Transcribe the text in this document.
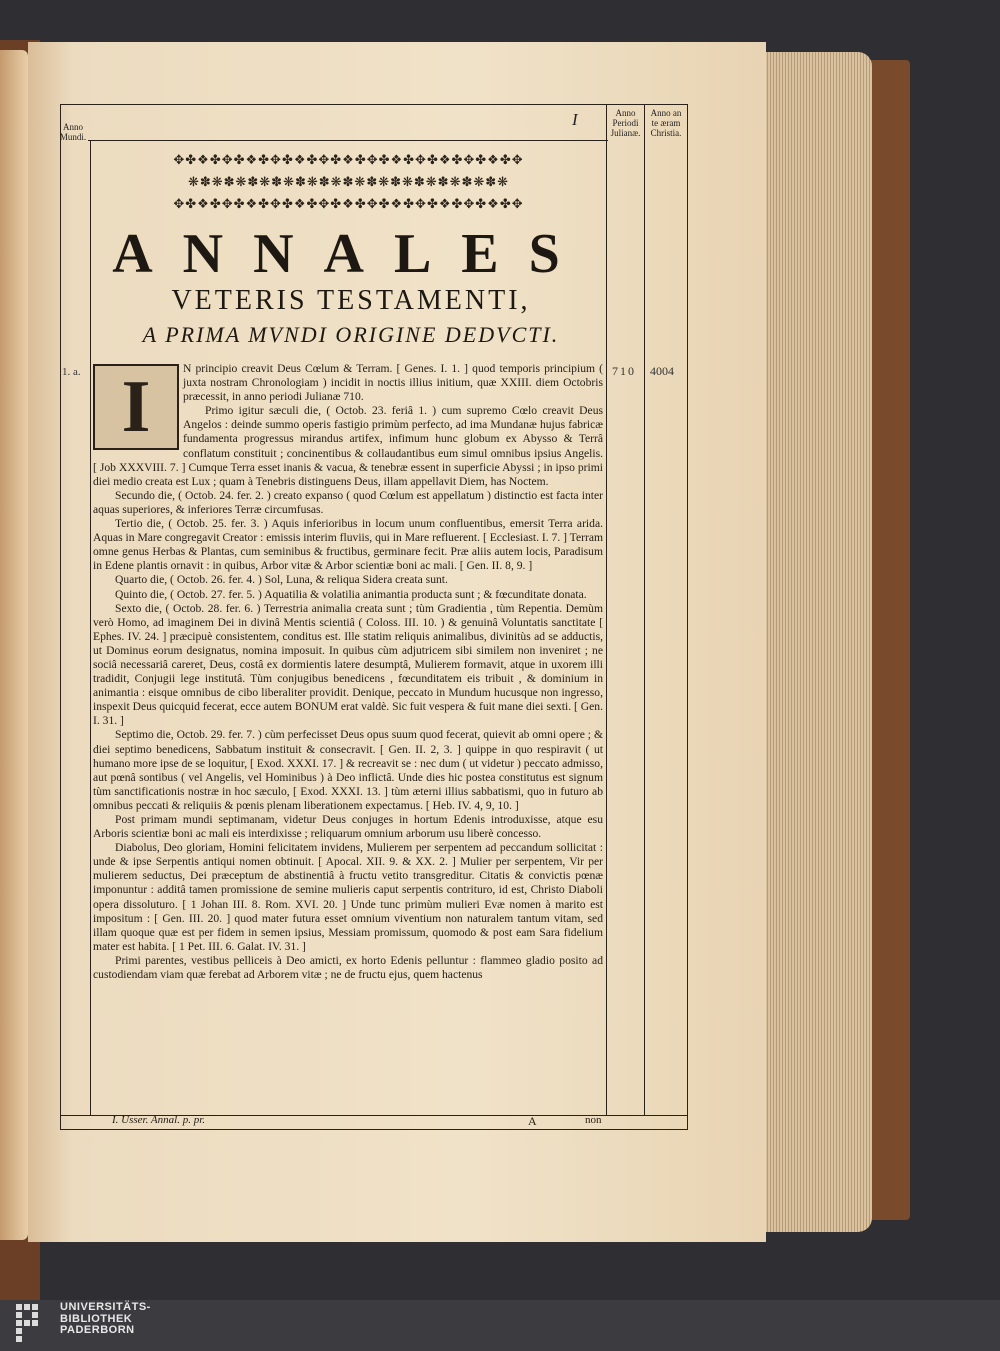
Anno
Mundi.
I	Anno
Periodi
Julianæ.
Anno an
te æram
Christia.
✥✤❖✤✥✤❖✤✥✤❖✤✥✤❖✤✥✤❖✤✥✤❖✤✥✤❖✤✥
❋✽❋✽❋✽❋✽❋✽❋✽❋✽❋✽❋✽❋✽❋✽❋✽❋✽❋
✥✤❖✤✥✤❖✤✥✤❖✤✥✤❖✤✥✤❖✤✥✤❖✤✥✤❖✤✥
ANNALES
VETERIS TESTAMENTI,
A PRIMA MVNDI ORIGINE DEDVCTI.
1. a.	710 4004

N principio creavit Deus Cœlum & Terram. [ Genes. I. 1. ] quod temporis principium ( juxta nostram Chronologiam ) incidit in noctis illius initium, quæ XXIII. diem Octobris præcessit, in anno periodi Julianæ 710.

Primo igitur sæculi die, ( Octob. 23. feriâ 1. ) cum supremo Cœlo creavit Deus Angelos : deinde summo operis fastigio primùm perfecto, ad ima Mundanæ hujus fabricæ fundamenta progressus mirandus artifex, infimum hunc globum ex Abysso & Terrâ conflatum constituit ; concinentibus & collaudantibus eum simul omnibus ipsius Angelis. [ Job XXXVIII. 7. ] Cumque Terra esset inanis & vacua, & tenebræ essent in superficie Abyssi ; in ipso primi diei medio creata est Lux ; quam à Tenebris distinguens Deus, illam appellavit Diem, has Noctem.

Secundo die, ( Octob. 24. fer. 2. ) creato expanso ( quod Cœlum est appellatum ) distinctio est facta inter aquas superiores, & inferiores Terræ circumfusas.

Tertio die, ( Octob. 25. fer. 3. ) Aquis inferioribus in locum unum confluentibus, emersit Terra arida. Aquas in Mare congregavit Creator : emissis interim fluviis, qui in Mare refluerent. [ Ecclesiast. I. 7. ] Terram omne genus Herbas & Plantas, cum seminibus & fructibus, germinare fecit. Præ aliis autem locis, Paradisum in Edene plantis ornavit : in quibus, Arbor vitæ & Arbor scientiæ boni ac mali. [ Gen. II. 8, 9. ]

Quarto die, ( Octob. 26. fer. 4. ) Sol, Luna, & reliqua Sidera creata sunt.

Quinto die, ( Octob. 27. fer. 5. ) Aquatilia & volatilia animantia producta sunt ; & fœcunditate donata.

Sexto die, ( Octob. 28. fer. 6. ) Terrestria animalia creata sunt ; tùm Gradientia , tùm Repentia. Demùm verò Homo, ad imaginem Dei in divinâ Mentis scientiâ ( Coloss. III. 10. ) & genuinâ Voluntatis sanctitate [ Ephes. IV. 24. ] præcipuè consistentem, conditus est. Ille statim reliquis animalibus, divinitùs ad se adductis, ut Dominus eorum designatus, nomina imposuit. In quibus cùm adjutricem sibi similem non inveniret ; ne sociâ necessariâ careret, Deus, costâ ex dormientis latere desumptâ, Mulierem formavit, atque in uxorem illi tradidit, Conjugii lege institutâ. Tùm conjugibus benedicens , fœcunditatem eis tribuit , & dominium in animantia : eisque omnibus de cibo liberaliter providit. Denique, peccato in Mundum hucusque non ingresso, inspexit Deus quicquid fecerat, ecce autem BONUM erat valdè. Sic fuit vespera & fuit mane diei sexti. [ Gen. I. 31. ]

Septimo die, Octob. 29. fer. 7. ) cùm perfecisset Deus opus suum quod fecerat, quievit ab omni opere ; & diei septimo benedicens, Sabbatum instituit & consecravit. [ Gen. II. 2, 3. ] quippe in quo respiravit ( ut humano more ipse de se loquitur, [ Exod. XXXI. 17. ] & recreavit se : nec dum ( ut videtur ) peccato admisso, aut pœnâ sontibus ( vel Angelis, vel Hominibus ) à Deo inflictâ. Unde dies hic postea constitutus est signum tùm sanctificationis nostræ in hoc sæculo, [ Exod. XXXI. 13. ] tùm æterni illius sabbatismi, quo in futuro ab omnibus peccati & reliquiis & pœnis plenam liberationem expectamus. [ Heb. IV. 4, 9, 10. ]

Post primam mundi septimanam, videtur Deus conjuges in hortum Edenis introduxisse, atque esu Arboris scientiæ boni ac mali eis interdixisse ; reliquarum omnium arborum usu liberè concesso.

Diabolus, Deo gloriam, Homini felicitatem invidens, Mulierem per serpentem ad peccandum sollicitat : unde & ipse Serpentis antiqui nomen obtinuit. [ Apocal. XII. 9. & XX. 2. ] Mulier per serpentem, Vir per mulierem seductus, Dei præceptum de abstinentiâ à fructu vetito transgreditur. Citatis & convictis pœnæ imponuntur : additâ tamen promissione de semine mulieris caput serpentis contrituro, id est, Christo Diaboli opera dissoluturo. [ 1 Johan III. 8. Rom. XVI. 20. ] Unde tunc primùm mulieri Evæ nomen à marito est impositum : [ Gen. III. 20. ] quod mater futura esset omnium viventium non naturalem tantum vitam, sed illam quoque quæ est per fidem in semen ipsius, Messiam promissum, quomodo & post eam Sara fidelium mater est habita. [ 1 Pet. III. 6. Galat. IV. 31. ]

Primi parentes, vestibus pelliceis à Deo amicti, ex horto Edenis pelluntur : flammeo gladio posito ad custodiendam viam quæ ferebat ad Arborem vitæ ; ne de fructu ejus, quem hactenus

I
I. Usser. Annal. p. pr.	A	non
UNIVERSITÄTS-
BIBLIOTHEK
PADERBORN
